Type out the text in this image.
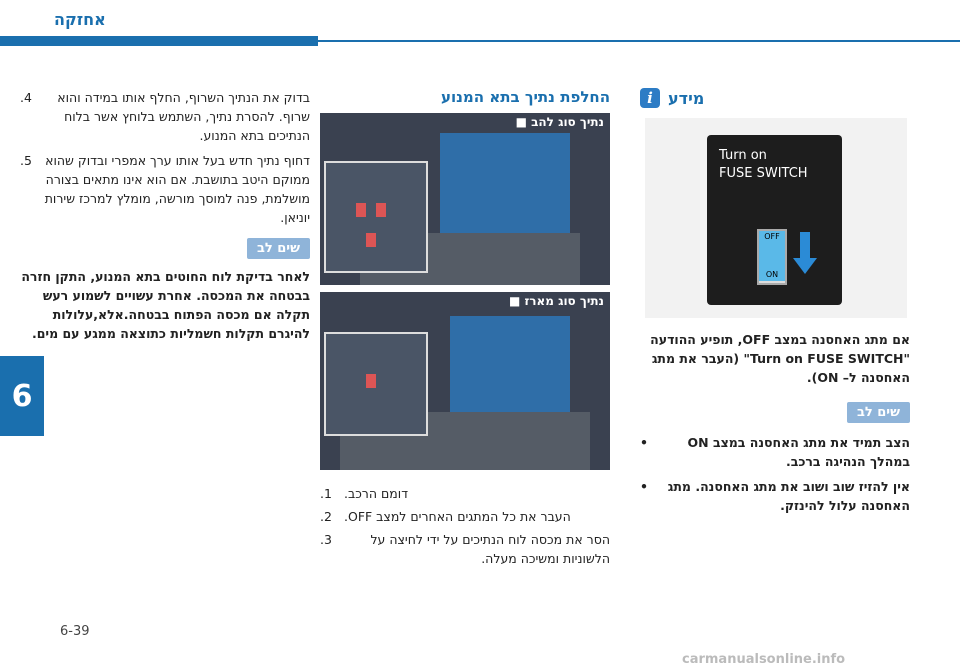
אחזקה
6
i מידע
Turn on
FUSE SWITCH
OFF
ON
אם מתג האחסנה במצב OFF, תופיע ההודעה "Turn on FUSE SWITCH" (העבר את מתג האחסנה ל– ON).
שים לב
•	הצב תמיד את מתג האחסנה במצב ON במהלך הנהיגה ברכב.
•	אין להזיז שוב ושוב את מתג האחסנה. מתג האחסנה עלול להינזק.
החלפת נתיך בתא המנוע
■ נתיך סוג להב
■ נתיך סוג מארז
1. דומם הרכב.
2. העבר את כל המתגים האחרים למצב OFF.
3.	הסר את מכסה לוח הנתיכים על ידי לחיצה על הלשוניות ומשיכה מעלה.
4.	בדוק את הנתיך השרוף, החלף אותו במידה והוא שרוף. להסרת נתיך, השתמש בלוחץ אשר בלוח הנתיכים בתא המנוע.
5.	דחוף נתיך חדש בעל אותו ערך אמפרי ובדוק שהוא ממוקם היטב בתושבת. אם הוא אינו מתאים בצורה מושלמת, פנה למוסך מורשה, מומלץ למרכז שירות יוניאן.
שים לב
לאחר בדיקת לוח החוטים בתא המנוע, התקן חזרה בבטחה את המכסה. אחרת עשויים לשמוע רעש תקלה אם מכסה הפתוח בבטחה.אלא,עלולות להיגרם תקלות חשמליות כתוצאה ממגע עם מים.
6-39
carmanualsonline.info
